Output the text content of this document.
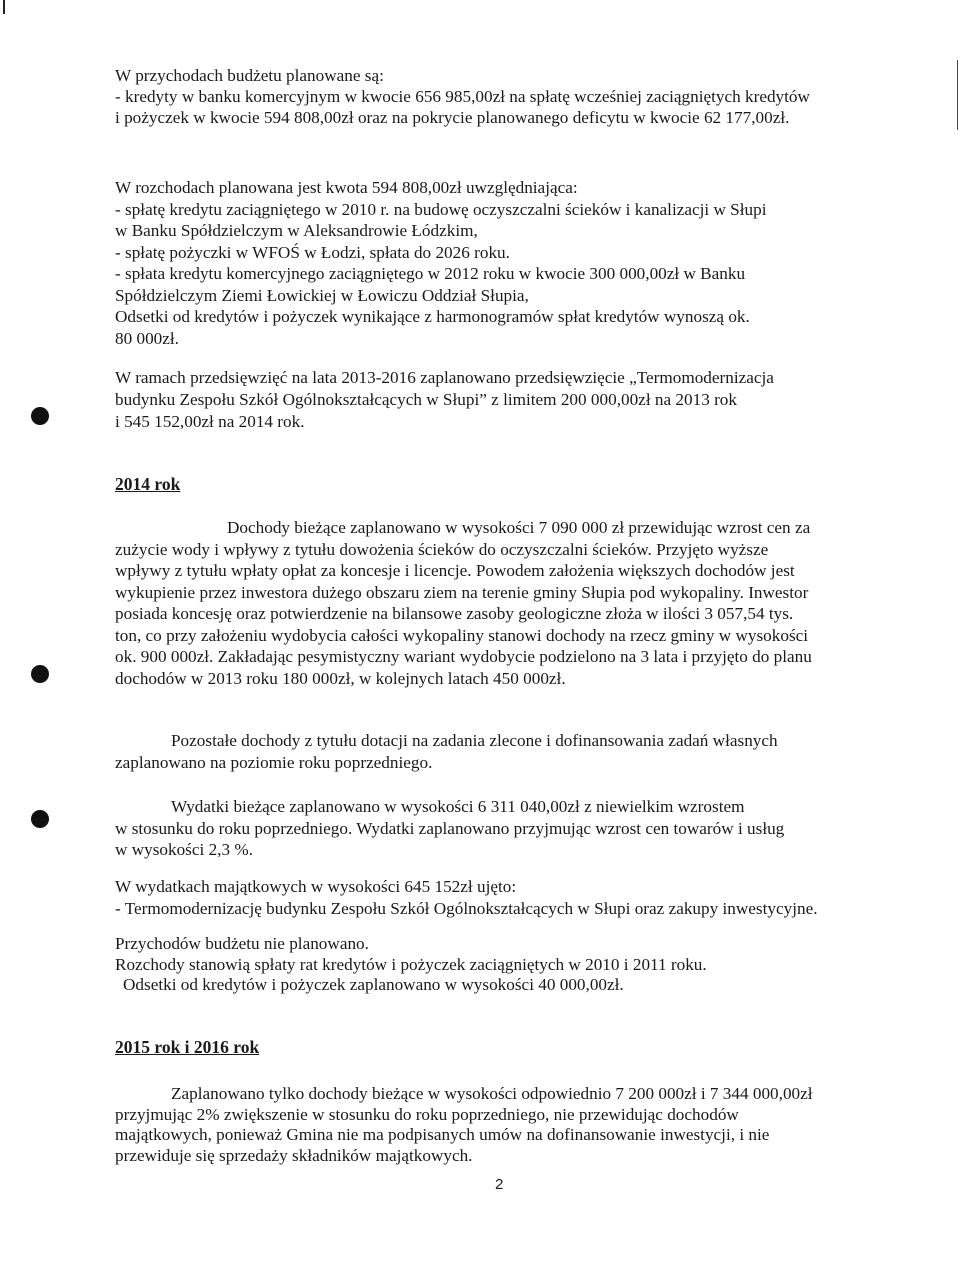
W przychodach budżetu planowane są:
- kredyty w banku komercyjnym w kwocie 656 985,00zł na spłatę wcześniej zaciągniętych kredytów
i pożyczek w kwocie 594 808,00zł oraz na pokrycie planowanego deficytu w kwocie 62 177,00zł.
W rozchodach planowana jest kwota 594 808,00zł uwzględniająca:
- spłatę kredytu zaciągniętego w 2010 r. na budowę oczyszczalni ścieków i kanalizacji w Słupi
w Banku Spółdzielczym w Aleksandrowie Łódzkim,
- spłatę pożyczki w WFOŚ w Łodzi, spłata do 2026 roku.
- spłata kredytu komercyjnego zaciągniętego w 2012 roku w kwocie 300 000,00zł w Banku
Spółdzielczym Ziemi Łowickiej w Łowiczu Oddział Słupia,
Odsetki od kredytów i pożyczek wynikające z harmonogramów spłat kredytów wynoszą ok.
80 000zł.
W ramach przedsięwzięć na lata 2013-2016 zaplanowano przedsięwzięcie „Termomodernizacja
budynku Zespołu Szkół Ogólnokształcących w Słupi” z limitem 200 000,00zł na 2013 rok
i 545 152,00zł na 2014 rok.
2014 rok
Dochody bieżące zaplanowano w wysokości 7 090 000 zł przewidując wzrost cen za
zużycie wody i wpływy z tytułu dowożenia ścieków do oczyszczalni ścieków. Przyjęto wyższe
wpływy z tytułu wpłaty opłat za koncesje i licencje. Powodem założenia większych dochodów jest
wykupienie przez inwestora dużego obszaru ziem na terenie gminy Słupia pod wykopaliny. Inwestor
posiada koncesję oraz potwierdzenie na bilansowe zasoby geologiczne złoża w ilości 3 057,54 tys.
ton, co przy założeniu wydobycia całości wykopaliny stanowi dochody na rzecz gminy w wysokości
ok. 900 000zł. Zakładając pesymistyczny wariant wydobycie podzielono na 3 lata i przyjęto do planu
dochodów w 2013 roku 180 000zł, w kolejnych latach 450 000zł.
Pozostałe dochody z tytułu dotacji na zadania zlecone i dofinansowania zadań własnych
zaplanowano na poziomie roku poprzedniego.
Wydatki bieżące zaplanowano w wysokości 6 311 040,00zł z niewielkim wzrostem
w stosunku do roku poprzedniego. Wydatki zaplanowano przyjmując wzrost cen towarów i usług
w wysokości 2,3 %.
W wydatkach majątkowych w wysokości 645 152zł ujęto:
- Termomodernizację budynku Zespołu Szkół Ogólnokształcących w Słupi oraz zakupy inwestycyjne.
Przychodów budżetu nie planowano.
Rozchody stanowią spłaty rat kredytów i pożyczek zaciągniętych w 2010 i 2011 roku.
Odsetki od kredytów i pożyczek zaplanowano w wysokości 40 000,00zł.
2015 rok i 2016 rok
Zaplanowano tylko dochody bieżące w wysokości odpowiednio 7 200 000zł i 7 344 000,00zł
przyjmując 2% zwiększenie w stosunku do roku poprzedniego, nie przewidując dochodów
majątkowych, ponieważ Gmina nie ma podpisanych umów na dofinansowanie inwestycji, i nie
przewiduje się sprzedaży składników majątkowych.
2
